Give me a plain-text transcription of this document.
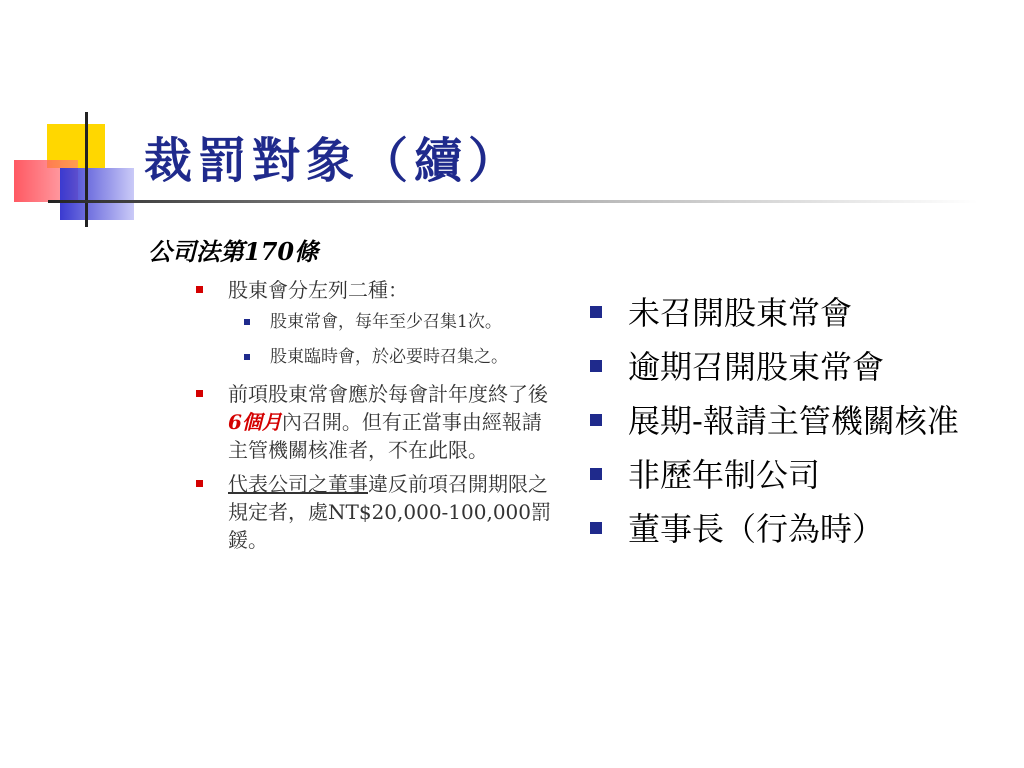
裁罰對象（續）

公司法第170條

股東會分左列二種：
股東常會，每年至少召集1次。
股東臨時會，於必要時召集之。
前項股東常會應於每會計年度終了後6個月內召開。但有正當事由經報請主管機關核准者，不在此限。
代表公司之董事違反前項召開期限之規定者，處NT$20,000-100,000罰鍰。
未召開股東常會
逾期召開股東常會
展期-報請主管機關核准
非歷年制公司
董事長（行為時）
